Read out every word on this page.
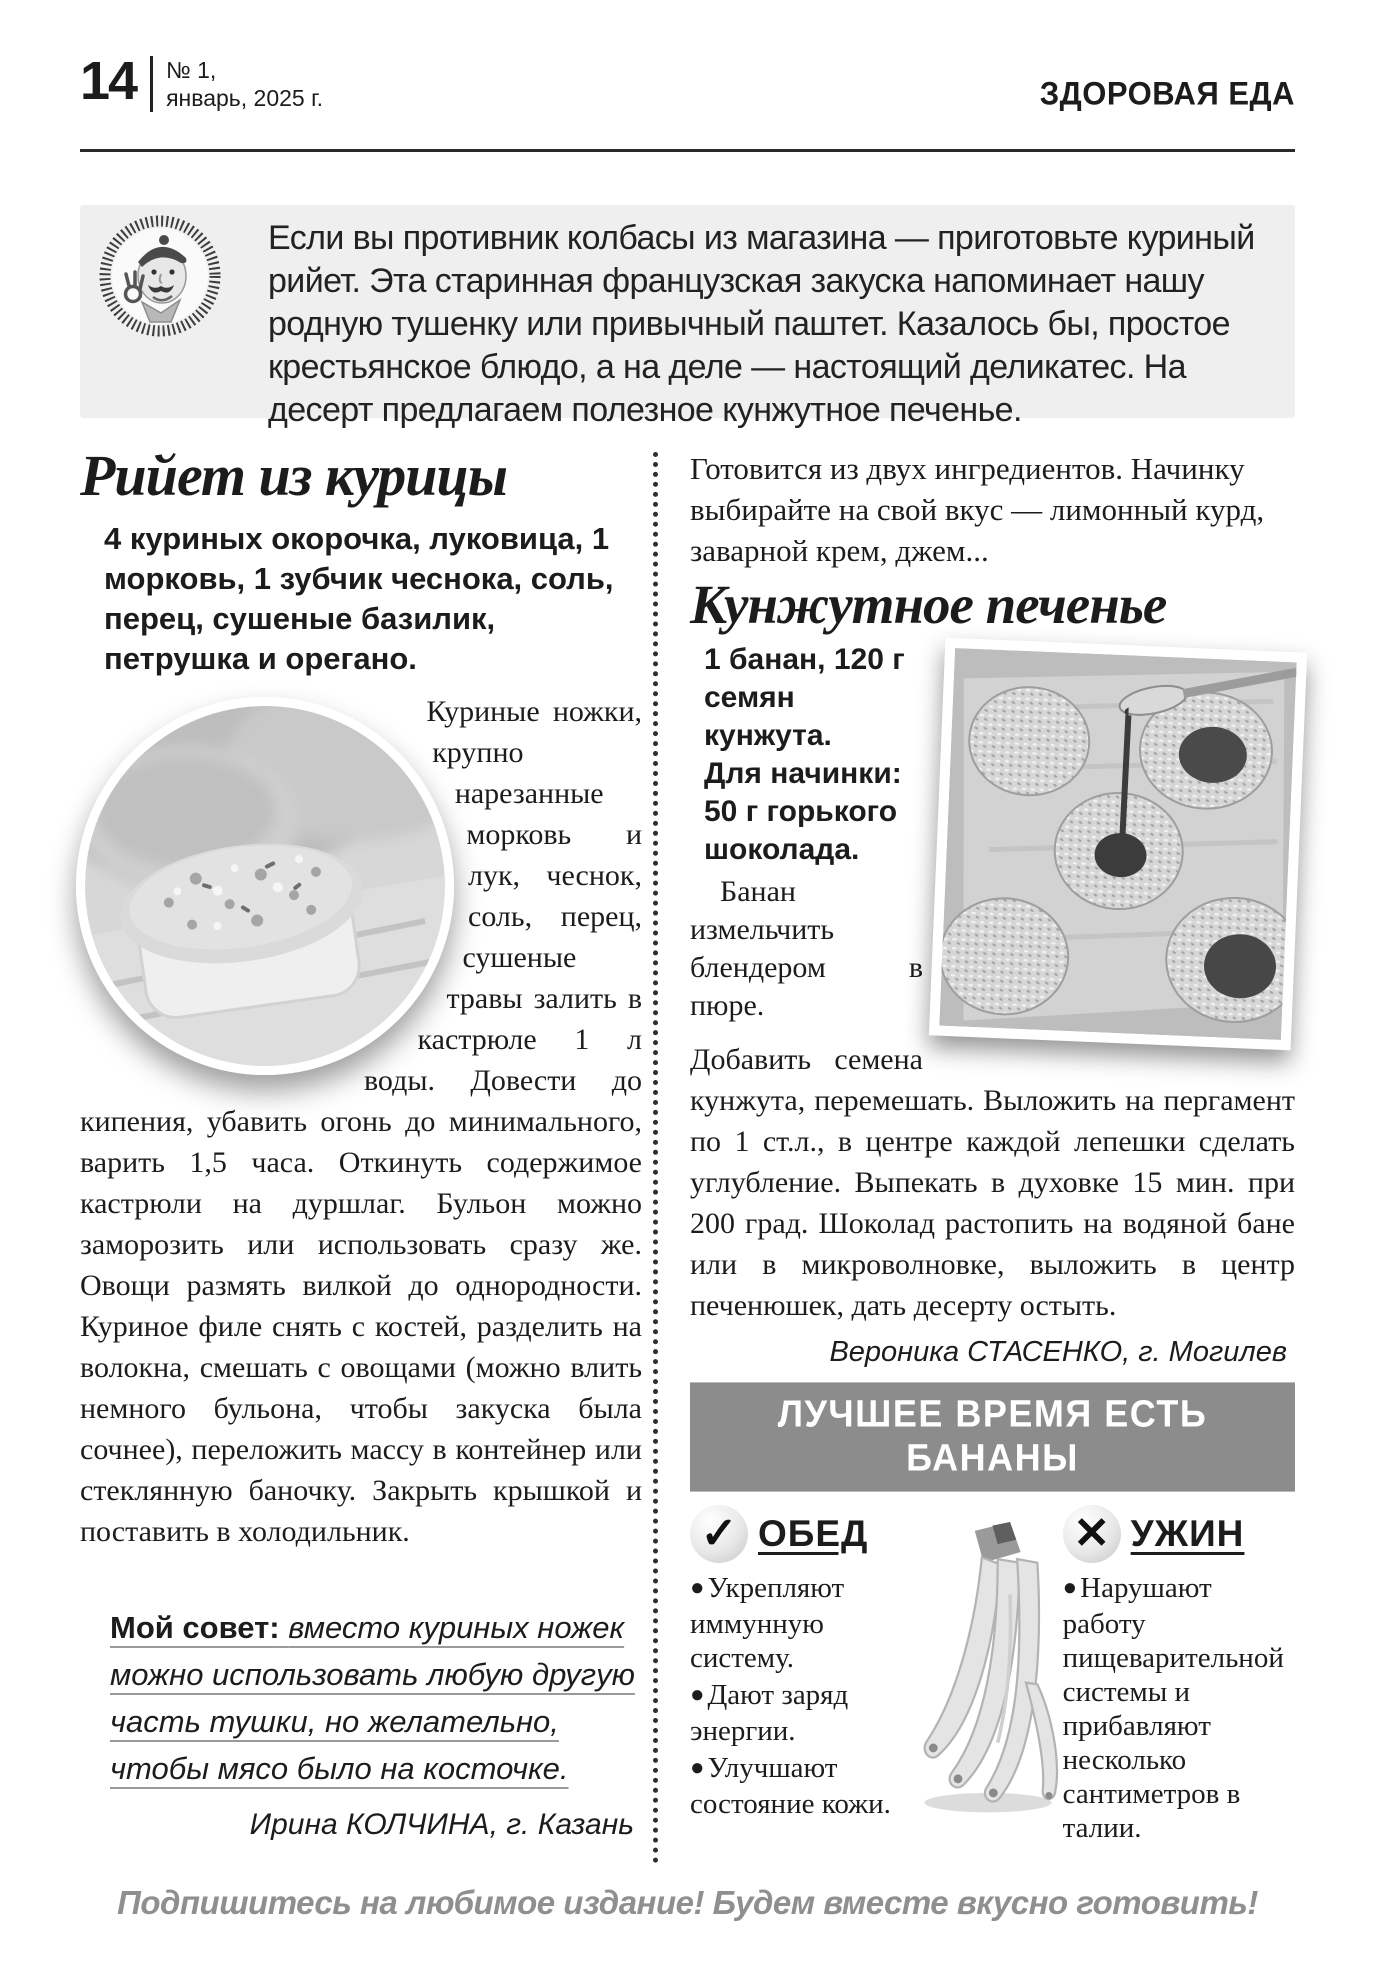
14 № 1,
январь, 2025 г.	ЗДОРОВАЯ ЕДА

Если вы противник колбасы из магазина — приготовьте куриный рийет. Эта старинная французская закуска напоминает нашу родную тушенку или привычный паштет. Казалось бы, простое крестьянское блюдо, а на деле — настоящий деликатес. На десерт предлагаем полезное кунжутное печенье.

Рийет из курицы

4 куриных окорочка, луковица, 1 морковь, 1 зубчик чеснока, соль, перец, сушеные базилик, петрушка и орегано.

Куриные ножки, крупно нарезанные морковь и лук, чеснок, соль, перец, сушеные травы залить в кастрюле 1 л воды. Довести до кипения, убавить огонь до минимального, варить 1,5 часа. Откинуть содержимое кастрюли на дуршлаг. Бульон можно заморозить или использовать сразу же. Овощи размять вилкой до однородности. Куриное филе снять с костей, разделить на волокна, смешать с овощами (можно влить немного бульона, чтобы закуска была сочнее), переложить массу в контейнер или стеклянную баночку. Закрыть крышкой и поставить в холодильник.

Мой совет: вместо куриных ножек можно использовать любую другую часть тушки, но желательно, чтобы мясо было на косточке.

Ирина КОЛЧИНА, г. Казань

Готовится из двух ингредиентов. Начинку выбирайте на свой вкус — лимонный курд, заварной крем, джем...

Кунжутное печенье

1 банан, 120 г семян кунжута.

Для начинки: 50 г горького шоколада.

Банан измельчить блендером в пюре.

Добавить семена кунжута, перемешать. Выложить на пергамент по 1 ст.л., в центре каждой лепешки сделать углубление. Выпекать в духовке 15 мин. при 200 град. Шоколад растопить на водяной бане или в микроволновке, выложить в центр печенюшек, дать десерту остыть.

Вероника СТАСЕНКО, г. Могилев

ЛУЧШЕЕ ВРЕМЯ ЕСТЬ БАНАНЫ
✓ ОБЕД

● Укрепляют иммунную систему.

● Дают заряд энергии.

● Улучшают состояние кожи.

✕ УЖИН

● Нарушают работу пищеварительной системы и прибавляют несколько сантиметров в талии.

Подпишитесь на любимое издание! Будем вместе вкусно готовить!
